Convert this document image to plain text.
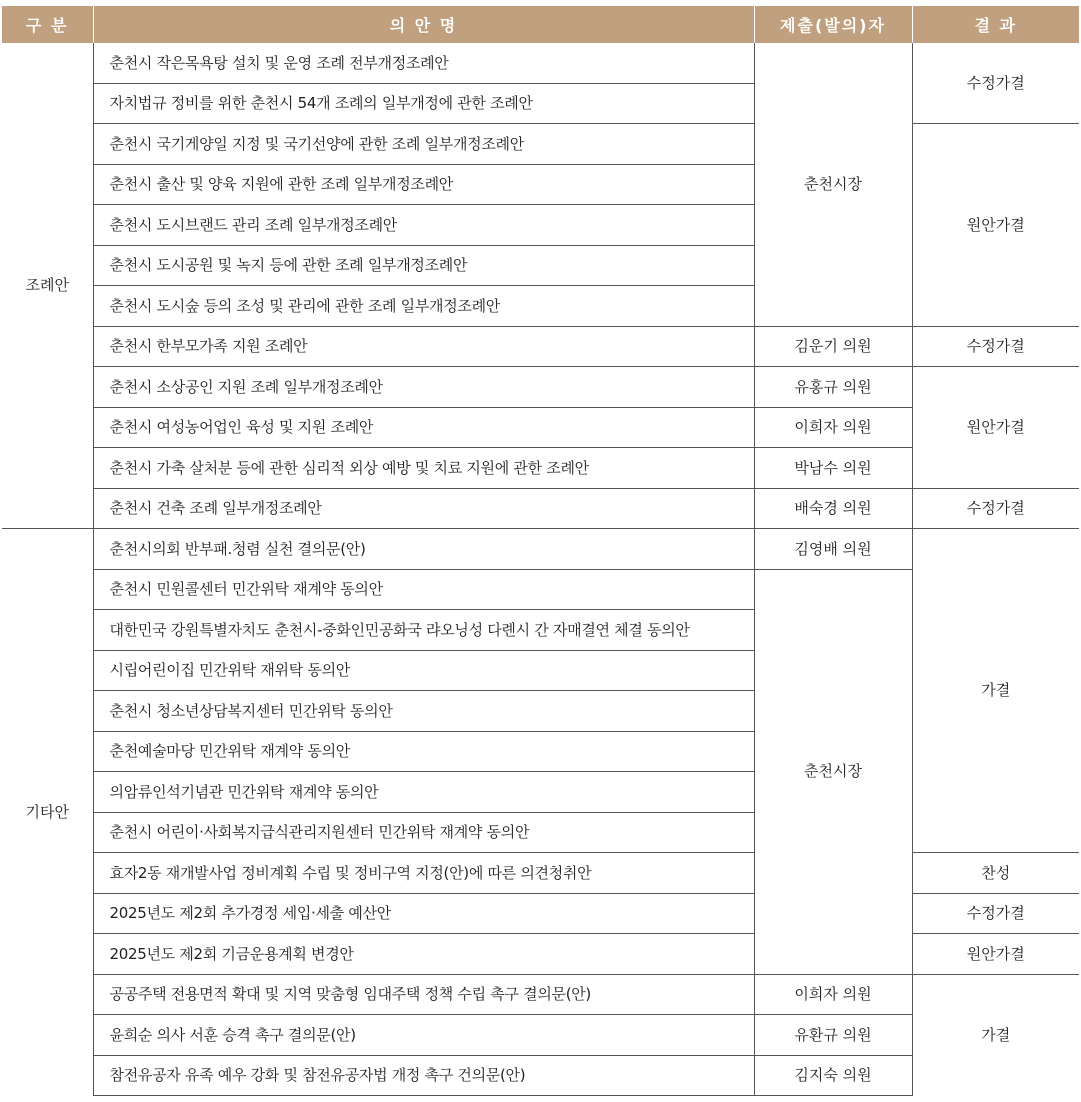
구 분	의 안 명	제출(발의)자	결 과
조례안	춘천시 작은목욕탕 설치 및 운영 조례 전부개정조례안	춘천시장	수정가결
	자치법규 정비를 위한 춘천시 54개 조례의 일부개정에 관한 조례안		
	춘천시 국기게양일 지정 및 국기선양에 관한 조례 일부개정조례안		원안가결
	춘천시 출산 및 양육 지원에 관한 조례 일부개정조례안		
	춘천시 도시브랜드 관리 조례 일부개정조례안		
	춘천시 도시공원 및 녹지 등에 관한 조례 일부개정조례안		
	춘천시 도시숲 등의 조성 및 관리에 관한 조례 일부개정조례안		
	춘천시 한부모가족 지원 조례안	김운기 의원	수정가결
	춘천시 소상공인 지원 조례 일부개정조례안	유홍규 의원	원안가결
	춘천시 여성농어업인 육성 및 지원 조례안	이희자 의원	
	춘천시 가축 살처분 등에 관한 심리적 외상 예방 및 치료 지원에 관한 조례안	박남수 의원	
	춘천시 건축 조례 일부개정조례안	배숙경 의원	수정가결
기타안	춘천시의회 반부패.청렴 실천 결의문(안)	김영배 의원	가결
	춘천시 민원콜센터 민간위탁 재계약 동의안	춘천시장	
	대한민국 강원특별자치도 춘천시-중화인민공화국 랴오닝성 다롄시 간 자매결연 체결 동의안		
	시립어린이집 민간위탁 재위탁 동의안		
	춘천시 청소년상담복지센터 민간위탁 동의안		
	춘천예술마당 민간위탁 재계약 동의안		
	의암류인석기념관 민간위탁 재계약 동의안		
	춘천시 어린이·사회복지급식관리지원센터 민간위탁 재계약 동의안		
	효자2동 재개발사업 정비계획 수립 및 정비구역 지정(안)에 따른 의견청취안		찬성
	2025년도 제2회 추가경정 세입·세출 예산안		수정가결
	2025년도 제2회 기금운용계획 변경안		원안가결
	공공주택 전용면적 확대 및 지역 맞춤형 임대주택 정책 수립 촉구 결의문(안)	이희자 의원	가결
	윤희순 의사 서훈 승격 촉구 결의문(안)	유환규 의원	
	참전유공자 유족 예우 강화 및 참전유공자법 개정 촉구 건의문(안)	김지숙 의원	
